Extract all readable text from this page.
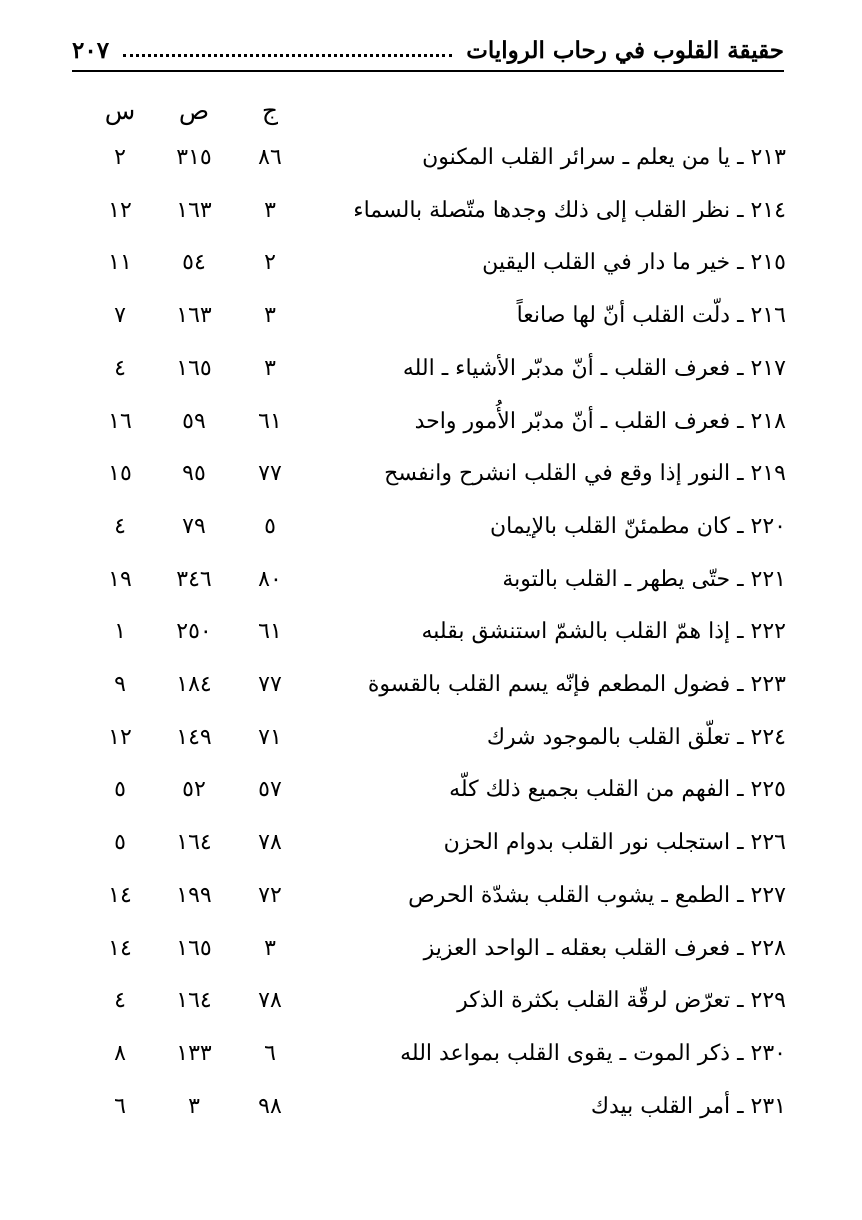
حقيقة القلوب في رحاب الروايات
٢٠٧
ج
ص
س
٢١٣ ـ يا من يعلم ـ سرائر القلب المكنون
٨٦
٣١٥
٢
٢١٤ ـ نظر القلب إلى ذلك وجدها متّصلة بالسماء
٣
١٦٣
١٢
٢١٥ ـ خير ما دار في القلب اليقين
٢
٥٤
١١
٢١٦ ـ دلّت القلب أنّ لها صانعاً
٣
١٦٣
٧
٢١٧ ـ فعرف القلب ـ أنّ مدبّر الأشياء ـ الله
٣
١٦٥
٤
٢١٨ ـ فعرف القلب ـ أنّ مدبّر الأُمور واحد
٦١
٥٩
١٦
٢١٩ ـ النور إذا وقع في القلب انشرح وانفسح
٧٧
٩٥
١٥
٢٢٠ ـ كان مطمئنّ القلب بالإيمان
٥
٧٩
٤
٢٢١ ـ حتّى يطهر ـ القلب بالتوبة
٨٠
٣٤٦
١٩
٢٢٢ ـ إذا همّ القلب بالشمّ استنشق بقلبه
٦١
٢٥٠
١
٢٢٣ ـ فضول المطعم فإنّه يسم القلب بالقسوة
٧٧
١٨٤
٩
٢٢٤ ـ تعلّق القلب بالموجود شرك
٧١
١٤٩
١٢
٢٢٥ ـ الفهم من القلب بجميع ذلك كلّه
٥٧
٥٢
٥
٢٢٦ ـ استجلب نور القلب بدوام الحزن
٧٨
١٦٤
٥
٢٢٧ ـ الطمع ـ يشوب القلب بشدّة الحرص
٧٢
١٩٩
١٤
٢٢٨ ـ فعرف القلب بعقله ـ الواحد العزيز
٣
١٦٥
١٤
٢٢٩ ـ تعرّض لرقّة القلب بكثرة الذكر
٧٨
١٦٤
٤
٢٣٠ ـ ذكر الموت ـ يقوى القلب بمواعد الله
٦
١٣٣
٨
٢٣١ ـ أمر القلب بيدك
٩٨
٣
٦
